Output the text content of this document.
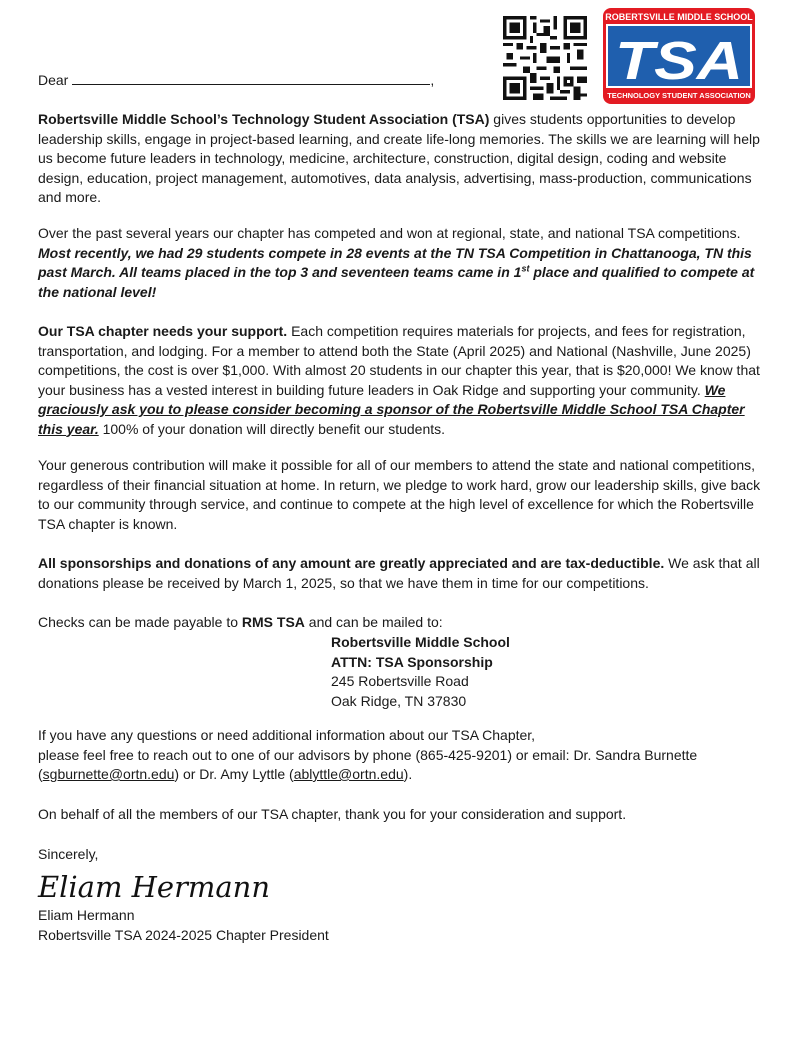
ROBERTSVILLE MIDDLE SCHOOL
TSA
TECHNOLOGY STUDENT ASSOCIATION
Dear	,

Robertsville Middle School’s Technology Student Association (TSA) gives students opportunities to develop leadership skills, engage in project-based learning, and create life-long memories. The skills we are learning will help us become future leaders in technology, medicine, architecture, construction, digital design, coding and website design, education, project management, automotives, data analysis, advertising, mass-production, communications and more.

Over the past several years our chapter has competed and won at regional, state, and national TSA competitions. Most recently, we had 29 students compete in 28 events at the TN TSA Competition in Chattanooga, TN this past March. All teams placed in the top 3 and seventeen teams came in 1st place and qualified to compete at the national level!

Our TSA chapter needs your support. Each competition requires materials for projects, and fees for registration, transportation, and lodging. For a member to attend both the State (April 2025) and National (Nashville, June 2025) competitions, the cost is over $1,000. With almost 20 students in our chapter this year, that is $20,000! We know that your business has a vested interest in building future leaders in Oak Ridge and supporting your community. We graciously ask you to please consider becoming a sponsor of the Robertsville Middle School TSA Chapter this year. 100% of your donation will directly benefit our students.

Your generous contribution will make it possible for all of our members to attend the state and national competitions, regardless of their financial situation at home. In return, we pledge to work hard, grow our leadership skills, give back to our community through service, and continue to compete at the high level of excellence for which the Robertsville TSA chapter is known.

All sponsorships and donations of any amount are greatly appreciated and are tax-deductible. We ask that all donations please be received by March 1, 2025, so that we have them in time for our competitions.

Checks can be made payable to RMS TSA and can be mailed to:

Robertsville Middle School

ATTN: TSA Sponsorship

245 Robertsville Road

Oak Ridge, TN 37830

If you have any questions or need additional information about our TSA Chapter,

please feel free to reach out to one of our advisors by phone (865-425-9201) or email: Dr. Sandra Burnette

(sgburnette@ortn.edu) or Dr. Amy Lyttle (ablyttle@ortn.edu).

On behalf of all the members of our TSA chapter, thank you for your consideration and support.

Sincerely,

Eliam Hermann

Eliam Hermann

Robertsville TSA 2024-2025 Chapter President
